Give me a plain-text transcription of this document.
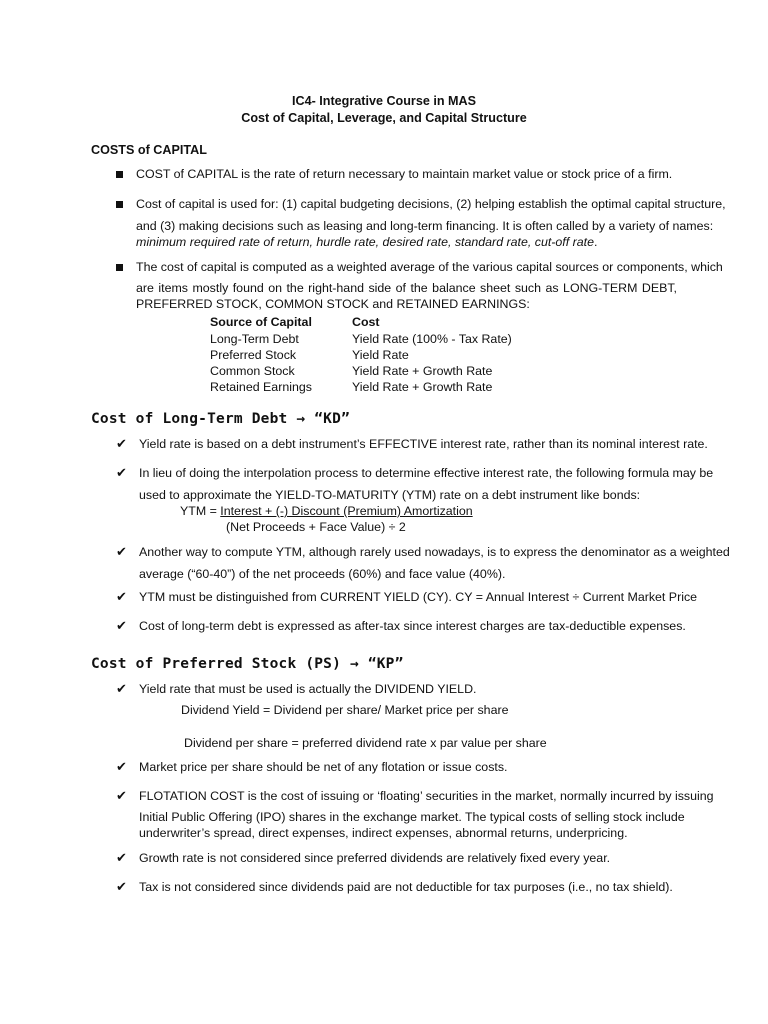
IC4- Integrative Course in MAS
Cost of Capital, Leverage, and Capital Structure
COSTS of CAPITAL
COST of CAPITAL is the rate of return necessary to maintain market value or stock price of a firm.
Cost of capital is used for: (1) capital budgeting decisions, (2) helping establish the optimal capital structure,
and (3) making decisions such as leasing and long-term financing. It is often called by a variety of names:
minimum required rate of return, hurdle rate, desired rate, standard rate, cut-off rate.
The cost of capital is computed as a weighted average of the various capital sources or components, which
are items mostly found on the right-hand side of the balance sheet such as LONG-TERM DEBT,
PREFERRED STOCK, COMMON STOCK and RETAINED EARNINGS:
Source of Capital	Cost
Long-Term Debt	Yield Rate (100% - Tax Rate)
Preferred Stock	Yield Rate
Common Stock	Yield Rate + Growth Rate
Retained Earnings	Yield Rate + Growth Rate
Cost of Long-Term Debt → “KD”
✔ Yield rate is based on a debt instrument’s EFFECTIVE interest rate, rather than its nominal interest rate.
✔ In lieu of doing the interpolation process to determine effective interest rate, the following formula may be
used to approximate the YIELD-TO-MATURITY (YTM) rate on a debt instrument like bonds:
YTM = Interest + (-) Discount (Premium) Amortization
(Net Proceeds + Face Value) ÷ 2
✔ Another way to compute YTM, although rarely used nowadays, is to express the denominator as a weighted
average (“60-40”) of the net proceeds (60%) and face value (40%).
✔ YTM must be distinguished from CURRENT YIELD (CY). CY = Annual Interest ÷ Current Market Price
✔ Cost of long-term debt is expressed as after-tax since interest charges are tax-deductible expenses.
Cost of Preferred Stock (PS) → “KP”
✔ Yield rate that must be used is actually the DIVIDEND YIELD.
Dividend Yield = Dividend per share/ Market price per share
Dividend per share = preferred dividend rate x par value per share
✔ Market price per share should be net of any flotation or issue costs.
✔ FLOTATION COST is the cost of issuing or ‘floating’ securities in the market, normally incurred by issuing
Initial Public Offering (IPO) shares in the exchange market. The typical costs of selling stock include
underwriter’s spread, direct expenses, indirect expenses, abnormal returns, underpricing.
✔ Growth rate is not considered since preferred dividends are relatively fixed every year.
✔ Tax is not considered since dividends paid are not deductible for tax purposes (i.e., no tax shield).
